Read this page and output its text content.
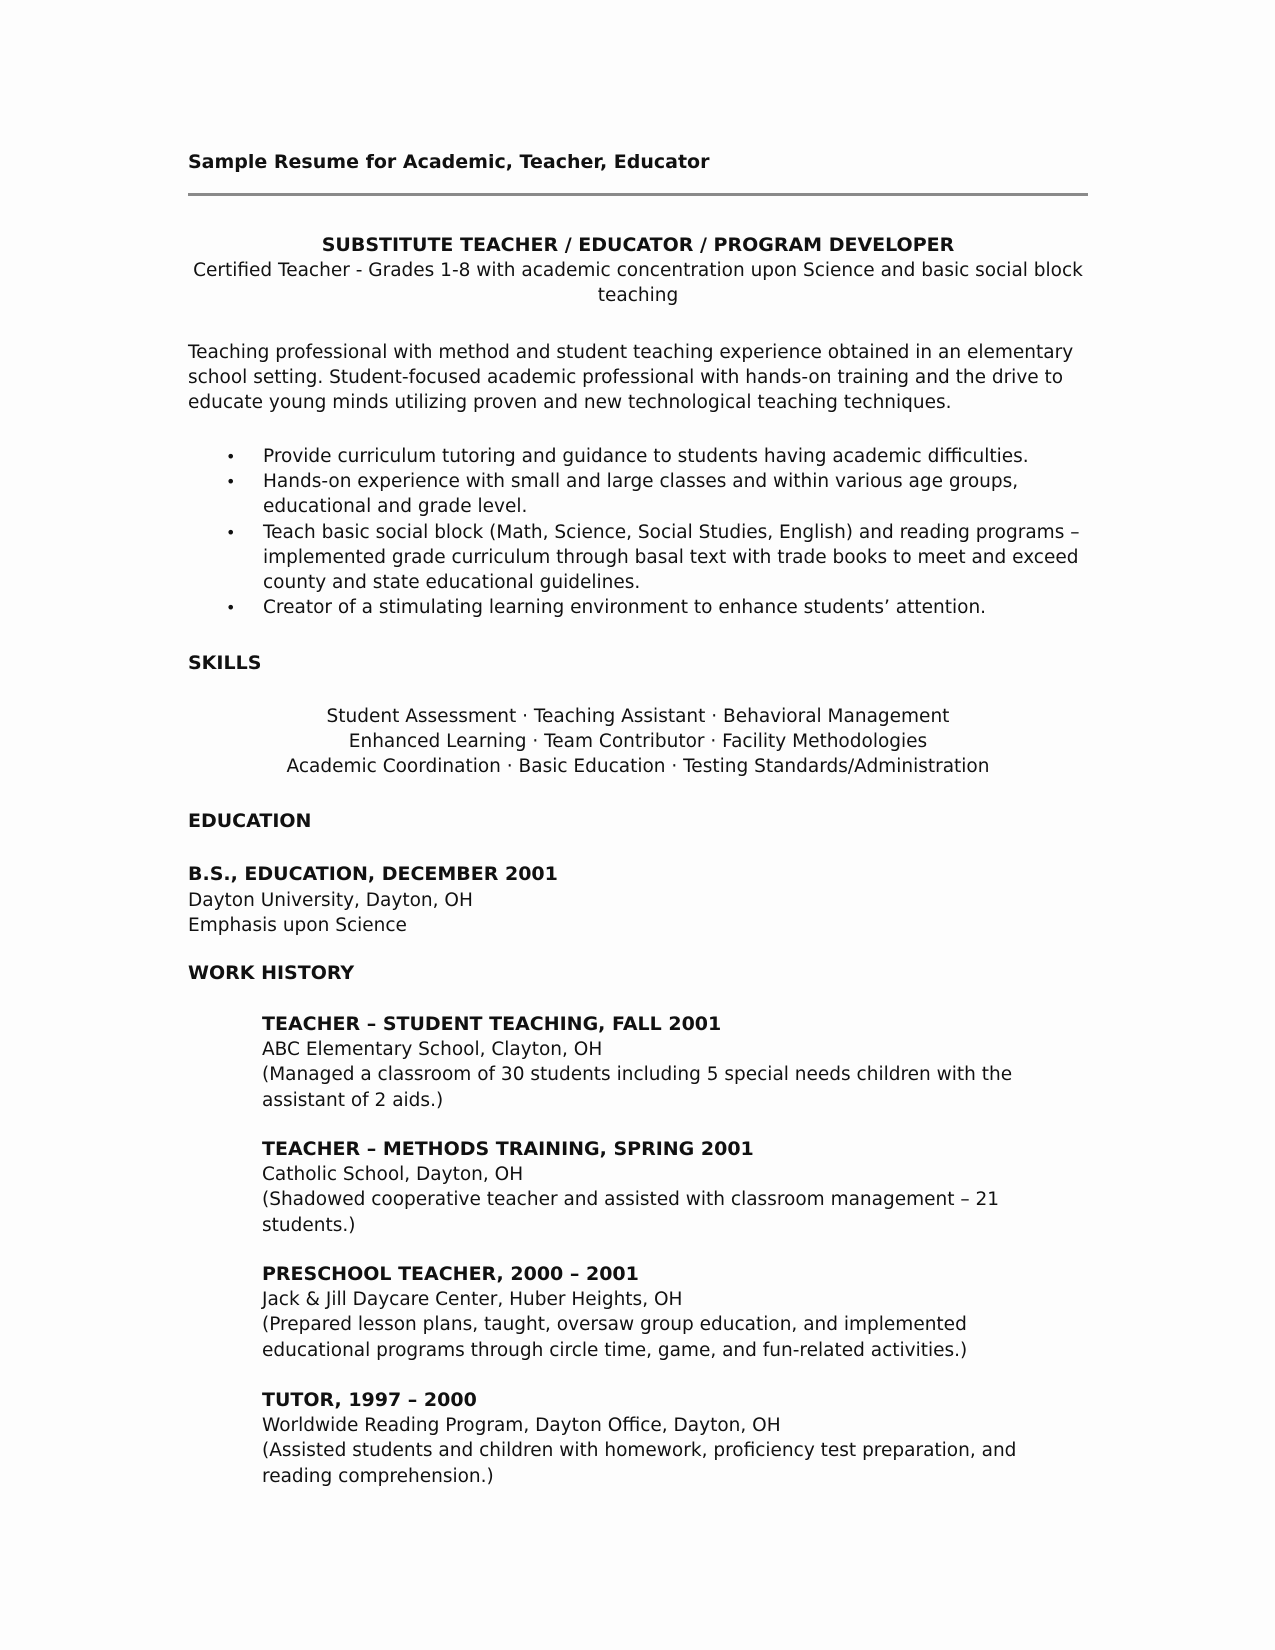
Sample Resume for Academic, Teacher, Educator
SUBSTITUTE TEACHER / EDUCATOR / PROGRAM DEVELOPER
Certified Teacher - Grades 1-8 with academic concentration upon Science and basic social block
teaching
Teaching professional with method and student teaching experience obtained in an elementary
school setting. Student-focused academic professional with hands-on training and the drive to
educate young minds utilizing proven and new technological teaching techniques.
• Provide curriculum tutoring and guidance to students having academic difficulties.
• Hands-on experience with small and large classes and within various age groups,
educational and grade level.
• Teach basic social block (Math, Science, Social Studies, English) and reading programs –
implemented grade curriculum through basal text with trade books to meet and exceed
county and state educational guidelines.
• Creator of a stimulating learning environment to enhance students’ attention.
SKILLS
Student Assessment · Teaching Assistant · Behavioral Management
Enhanced Learning · Team Contributor · Facility Methodologies
Academic Coordination · Basic Education · Testing Standards/Administration
EDUCATION
B.S., EDUCATION, DECEMBER 2001
Dayton University, Dayton, OH
Emphasis upon Science
WORK HISTORY
TEACHER – STUDENT TEACHING, FALL 2001
ABC Elementary School, Clayton, OH
(Managed a classroom of 30 students including 5 special needs children with the
assistant of 2 aids.)
TEACHER – METHODS TRAINING, SPRING 2001
Catholic School, Dayton, OH
(Shadowed cooperative teacher and assisted with classroom management – 21
students.)
PRESCHOOL TEACHER, 2000 – 2001
Jack & Jill Daycare Center, Huber Heights, OH
(Prepared lesson plans, taught, oversaw group education, and implemented
educational programs through circle time, game, and fun-related activities.)
TUTOR, 1997 – 2000
Worldwide Reading Program, Dayton Office, Dayton, OH
(Assisted students and children with homework, proficiency test preparation, and
reading comprehension.)
